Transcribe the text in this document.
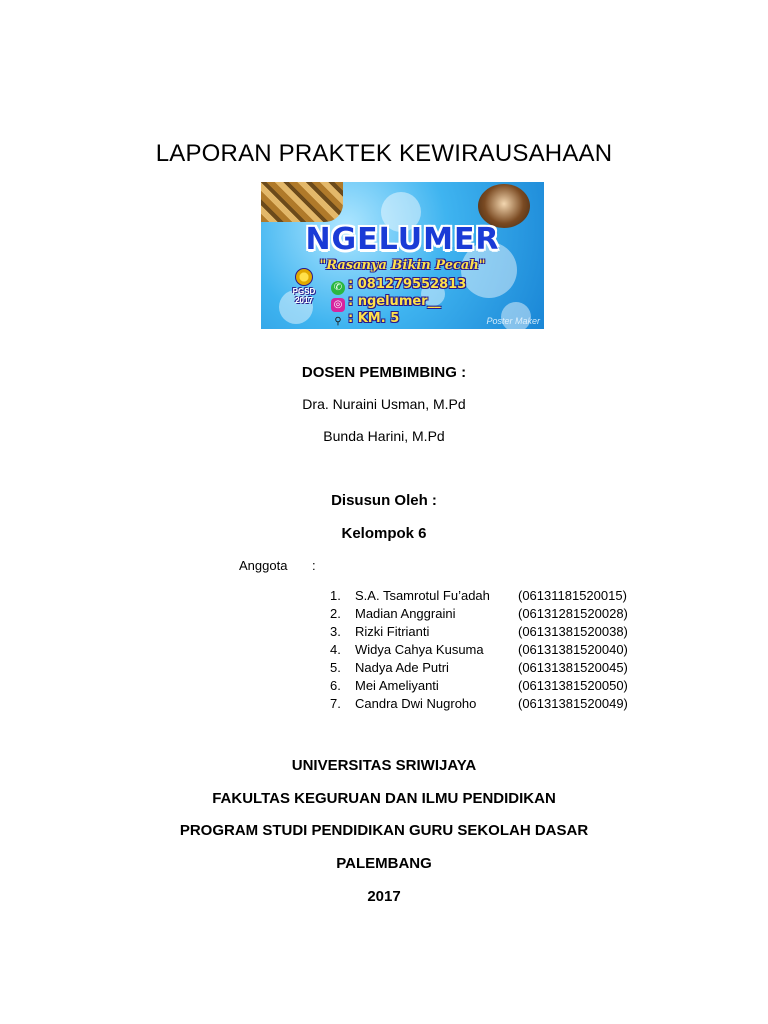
LAPORAN PRAKTEK KEWIRAUSAHAAN
NGELUMER
"Rasanya Bikin Pecah"
PGSD
2017
✆ : 081279552813
◎ : ngelumer__
⚲ : KM. 5	Poster Maker
DOSEN PEMBIMBING :
Dra. Nuraini Usman, M.Pd
Bunda Harini, M.Pd
Disusun Oleh :
Kelompok 6
Anggota :
1. S.A. Tsamrotul Fu’adah (06131181520015)
2. Madian Anggraini	(06131281520028)
3. Rizki Fitrianti	(06131381520038)
4. Widya Cahya Kusuma	(06131381520040)
5. Nadya Ade Putri	(06131381520045)
6. Mei Ameliyanti	(06131381520050)
7. Candra Dwi Nugroho	(06131381520049)
UNIVERSITAS SRIWIJAYA
FAKULTAS KEGURUAN DAN ILMU PENDIDIKAN
PROGRAM STUDI PENDIDIKAN GURU SEKOLAH DASAR
PALEMBANG
2017
